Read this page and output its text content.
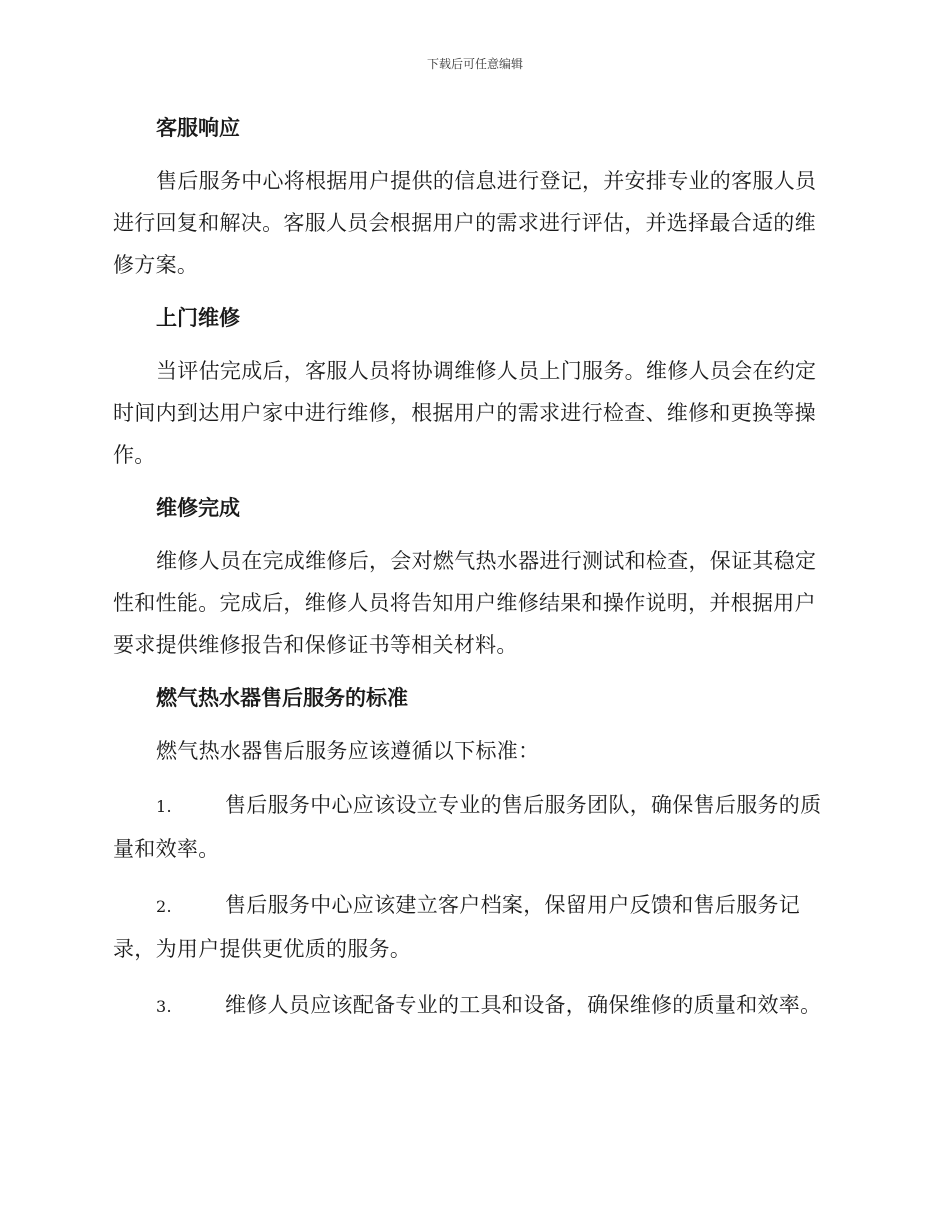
下载后可任意编辑
客服响应

售后服务中心将根据用户提供的信息进行登记，并安排专业的客服人员进行回复和解决。客服人员会根据用户的需求进行评估，并选择最合适的维修方案。

上门维修

当评估完成后，客服人员将协调维修人员上门服务。维修人员会在约定时间内到达用户家中进行维修，根据用户的需求进行检查、维修和更换等操作。

维修完成

维修人员在完成维修后，会对燃气热水器进行测试和检查，保证其稳定性和性能。完成后，维修人员将告知用户维修结果和操作说明，并根据用户要求提供维修报告和保修证书等相关材料。

燃气热水器售后服务的标准

燃气热水器售后服务应该遵循以下标准：

1.	售后服务中心应该设立专业的售后服务团队，确保售后服务的质量和效率。
2.	售后服务中心应该建立客户档案，保留用户反馈和售后服务记录，为用户提供更优质的服务。
3.	维修人员应该配备专业的工具和设备，确保维修的质量和效率。
